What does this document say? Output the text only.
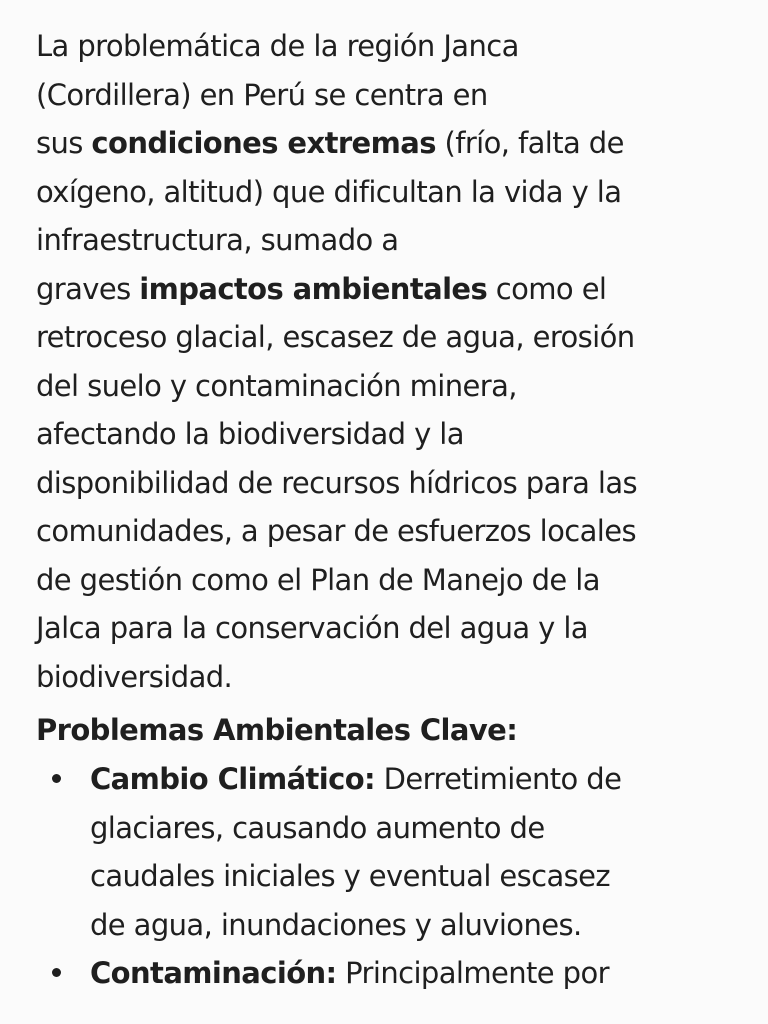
La problemática de la región Janca
(Cordillera) en Perú se centra en
sus condiciones extremas (frío, falta de
oxígeno, altitud) que dificultan la vida y la
infraestructura, sumado a
graves impactos ambientales como el
retroceso glacial, escasez de agua, erosión
del suelo y contaminación minera,
afectando la biodiversidad y la
disponibilidad de recursos hídricos para las
comunidades, a pesar de esfuerzos locales
de gestión como el Plan de Manejo de la
Jalca para la conservación del agua y la
biodiversidad.

Problemas Ambientales Clave:
Cambio Climático: Derretimiento de
glaciares, causando aumento de
caudales iniciales y eventual escasez
de agua, inundaciones y aluviones.
Contaminación: Principalmente por
